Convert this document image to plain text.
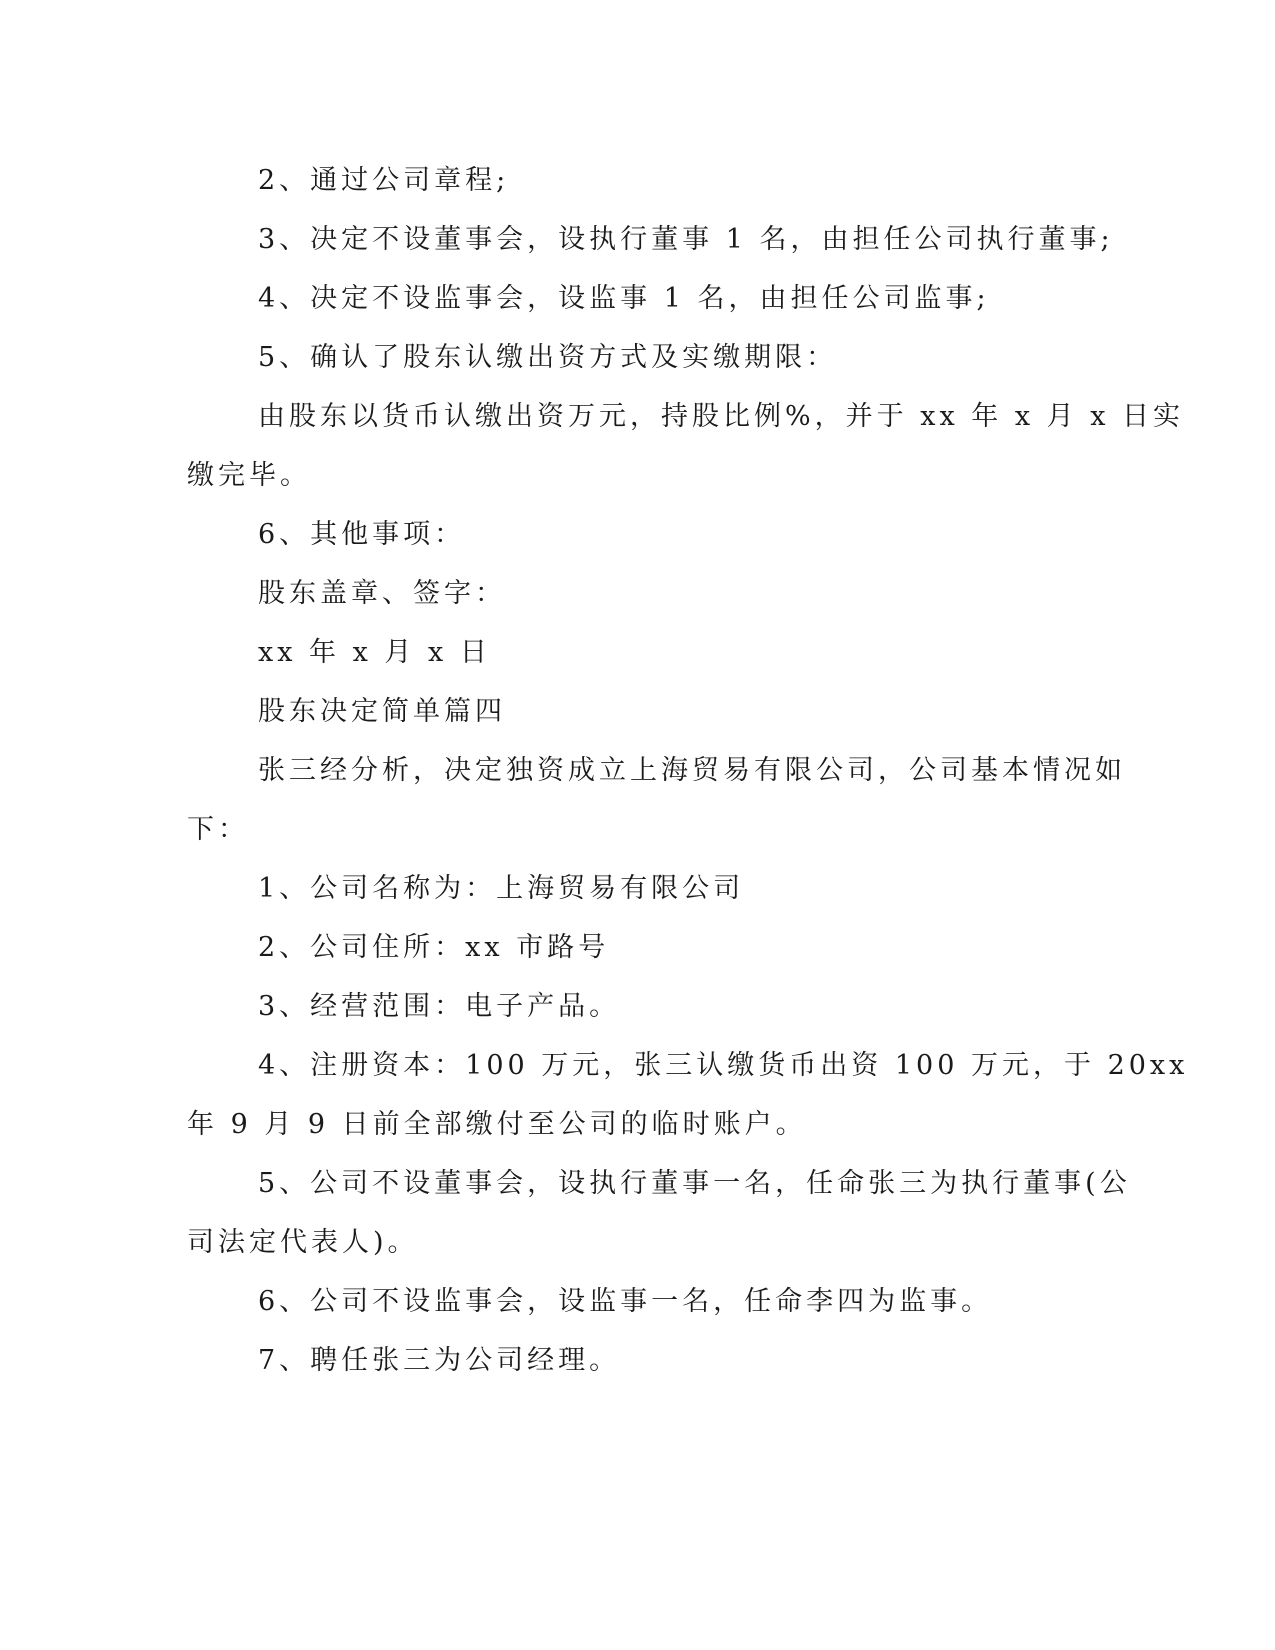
2、通过公司章程;
3、决定不设董事会，设执行董事 1 名，由担任公司执行董事;
4、决定不设监事会，设监事 1 名，由担任公司监事;
5、确认了股东认缴出资方式及实缴期限：
由股东以货币认缴出资万元，持股比例%，并于 xx 年 x 月 x 日实
缴完毕。
6、其他事项：
股东盖章、签字：
xx 年 x 月 x 日
股东决定简单篇四
张三经分析，决定独资成立上海贸易有限公司，公司基本情况如
下：
1、公司名称为：上海贸易有限公司
2、公司住所：xx 市路号
3、经营范围：电子产品。
4、注册资本：100 万元，张三认缴货币出资 100 万元，于 20xx
年 9 月 9 日前全部缴付至公司的临时账户。
5、公司不设董事会，设执行董事一名，任命张三为执行董事(公
司法定代表人)。
6、公司不设监事会，设监事一名，任命李四为监事。
7、聘任张三为公司经理。
